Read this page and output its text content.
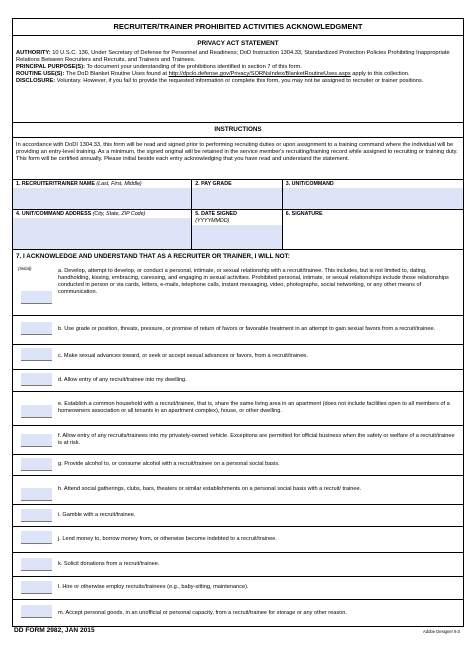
RECRUITER/TRAINER PROHIBITED ACTIVITIES ACKNOWLEDGMENT
PRIVACY ACT STATEMENT
AUTHORITY: 10 U.S.C. 136, Under Secretary of Defense for Personnel and Readiness; DoD Instruction 1304.33, Standardized Protection Policies Prohibiting Inappropriate Relations Between Recruiters and Recruits, and Trainers and Trainees.
PRINCIPAL PURPOSE(S): To document your understanding of the prohibitions identified in section 7 of this form.
ROUTINE USE(S): The DoD Blanket Routine Uses found at http://dpclo.defense.gov/Privacy/SORNsIndex/BlanketRoutineUses.aspx apply to this collection.
DISCLOSURE: Voluntary. However, if you fail to provide the requested information or complete this form, you may not be assigned to recruiter or trainer positions.
INSTRUCTIONS
In accordance with DoDI 1304.33, this form will be read and signed prior to performing recruiting duties or upon assignment to a training command where the individual will be providing an entry-level training. As a minimum, the signed original will be retained in the service member's recruiting/training record while assigned to recruiting or training duty. This form will be certified annually. Please initial beside each entry acknowledging that you have read and understand the statement.
1. RECRUITER/TRAINER NAME (Last, First, Middle)	2. PAY GRADE	3. UNIT/COMMAND
4. UNIT/COMMAND ADDRESS (City, State, ZIP Code)	5. DATE SIGNED
(YYYYMMDD)
6. SIGNATURE
7. I ACKNOWLEDGE AND UNDERSTAND THAT AS A RECRUITER OR TRAINER, I WILL NOT:
(Initial)	a. Develop, attempt to develop, or conduct a personal, intimate, or sexual relationship with a recruit/trainee. This includes, but is not limited to, dating, handholding, kissing, embracing, caressing, and engaging in sexual activities. Prohibited personal, intimate, or sexual relationships include those relationships conducted in person or via cards, letters, e-mails, telephone calls, instant messaging, video, photographs, social networking, or any other means of communication.
b. Use grade or position, threats, pressure, or promise of return of favors or favorable treatment in an attempt to gain sexual favors from a recruit/trainee.
c. Make sexual advances toward, or seek or accept sexual advances or favors, from a recruit/trainee.
d. Allow entry of any recruit/trainee into my dwelling.
e. Establish a common household with a recruit/trainee, that is, share the same living area in an apartment (does not include facilities open to all members of a homeowners association or all tenants in an apartment complex), house, or other dwelling.
f. Allow entry of any recruits/trainees into my privately-owned vehicle. Exceptions are permitted for official business when the safety or welfare of a recruit/trainee is at risk.
g. Provide alcohol to, or consume alcohol with a recruit/trainee on a personal social basis.
h. Attend social gatherings, clubs, bars, theaters or similar establishments on a personal social basis with a recruit/ trainee.
i. Gamble with a recruit/trainee.
j. Lend money to, borrow money from, or otherwise become indebted to a recruit/trainee.
k. Solicit donations from a recruit/trainee.
l. Hire or otherwise employ recruits/trainees (e.g., baby-sitting, maintenance).
m. Accept personal goods, in an unofficial or personal capacity, from a recruit/trainee for storage or any other reason.
DD FORM 2982, JAN 2015	Adobe Designer 9.0
